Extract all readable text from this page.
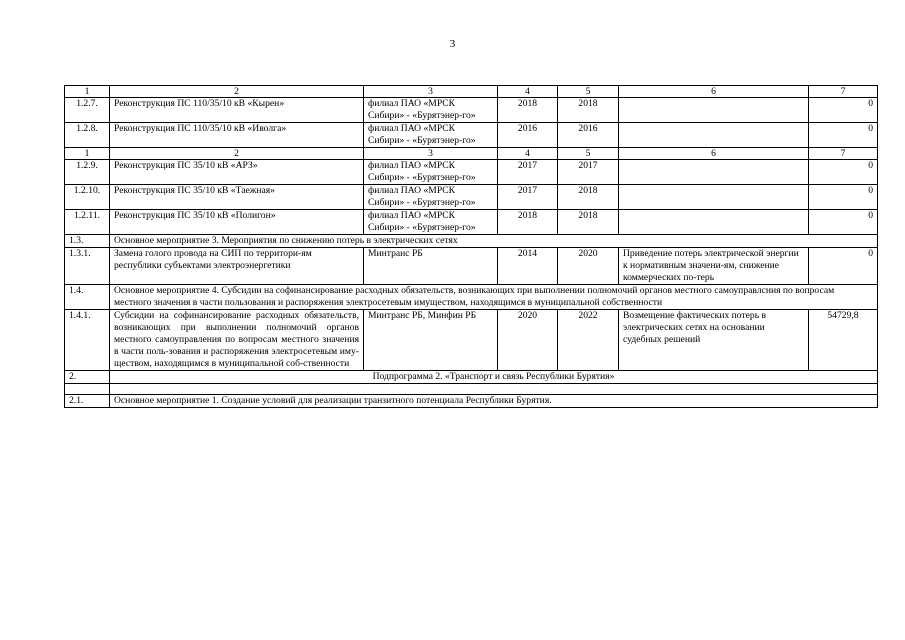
3
1	2	3	4	5	6	7
1.2.7.	Реконструкция ПС 110/35/10 кВ «Кырен»	филиал ПАО «МРСК Сибири» - «Бурятэнер-го»	2018	2018		0
1.2.8.	Реконструкция ПС 110/35/10 кВ «Иволга»	филиал ПАО «МРСК Сибири» - «Бурятэнер-го»	2016	2016		0
1	2	3	4	5	6	7
1.2.9.	Реконструкция ПС 35/10 кВ «АРЗ»	филиал ПАО «МРСК Сибири» - «Бурятэнер-го»	2017	2017		0
1.2.10.	Реконструкция ПС 35/10 кВ «Таежная»	филиал ПАО «МРСК Сибири» - «Бурятэнер-го»	2017	2018		0
1.2.11.	Реконструкция ПС 35/10 кВ «Полигон»	филиал ПАО «МРСК Сибири» - «Бурятэнер-го»	2018	2018		0
1.3.	Основное мероприятие 3. Мероприятия по снижению потерь в электрических сетях					
1.3.1.	Замена голого провода на СИП по территори-ям республики субъектами электроэнергетики	Минтранс РБ	2014	2020	Приведение потерь электрической энергии к нормативным значени-ям, снижение коммерческих по-терь	0
1.4.	Основное мероприятие 4. Субсидии на софинансирование расходных обязательств, возникающих при выполнении полномочий органов местного самоуправлсния по вопросам местного значения в части пользования и распоряжения электросетевым имуществом, находящимся в муниципальной собственности					
1.4.1.	Субсидии на софинансирование расходных обязательств, возникающих при выполнении полномочий органов местного самоуправления по вопросам местного значения в части поль-зования и распоряжения электросетевым иму-ществом, находящимся в муниципальной соб-ственности	Минтранс РБ, Минфин РБ	2020	2022	Возмещение фактических потерь в электрических сетях на основании судебных решений	54729,8
2.	Подпрограмма 2. «Транспорт и связь Республики Бурятия»					

2.1.	Основное мероприятие 1. Создание условий для реализации транзитного потенциала Республики Бурятия.					
